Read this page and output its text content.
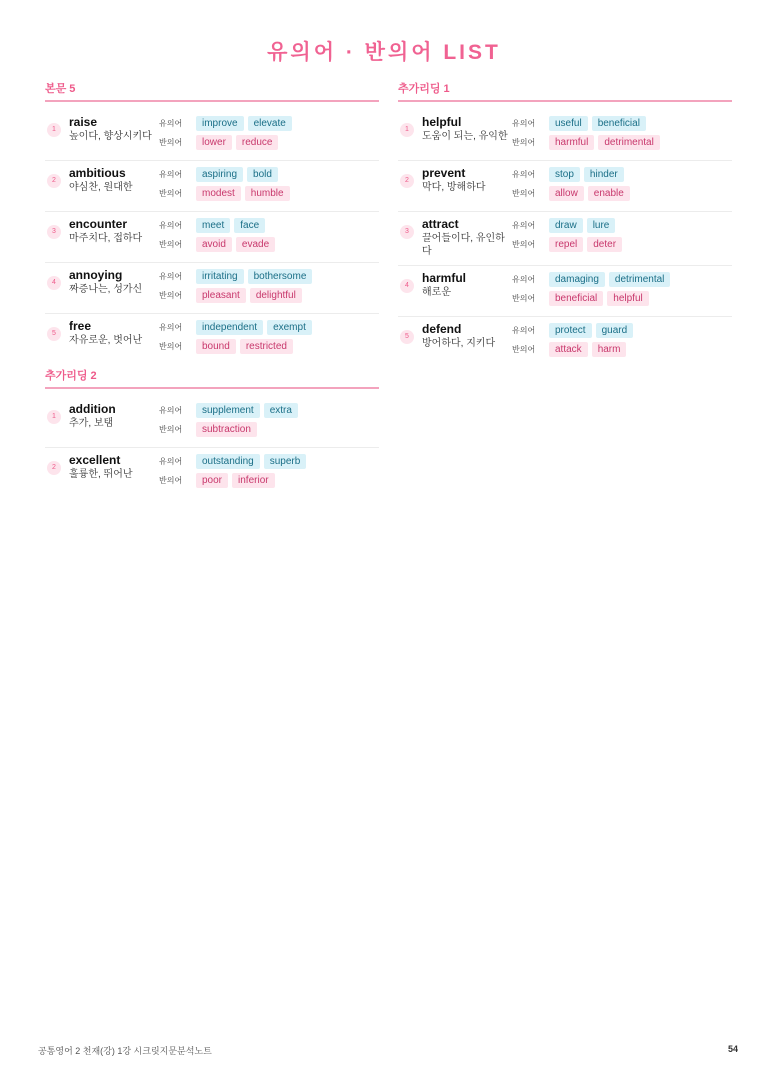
유의어 · 반의어 LIST
본문 5
1
raise
높이다, 향상시키다
유의어	improve	elevate
반의어	lower	reduce
2
ambitious
야심찬, 원대한
유의어	aspiring	bold
반의어	modest	humble
3
encounter
마주치다, 접하다
유의어	meet	face
반의어	avoid	evade
4
annoying
짜증나는, 성가신
유의어	irritating	bothersome
반의어	pleasant	delightful
5
free
자유로운, 벗어난
유의어	independent	exempt
반의어	bound	restricted
추가리딩 1
1
helpful
도움이 되는, 유익한
유의어	useful	beneficial
반의어	harmful	detrimental
2
prevent
막다, 방해하다
유의어	stop	hinder
반의어	allow	enable
3
attract
끌어들이다, 유인하다
유의어	draw	lure
반의어	repel	deter
4
harmful
해로운
유의어	damaging	detrimental
반의어	beneficial	helpful
5
defend
방어하다, 지키다
유의어	protect	guard
반의어	attack	harm
추가리딩 2
1
addition
추가, 보탬
유의어	supplement	extra
반의어	subtraction
2
excellent
훌륭한, 뛰어난
유의어	outstanding	superb
반의어	poor	inferior
공통영어 2 천재(강) 1강 시크릿지문분석노트	54
